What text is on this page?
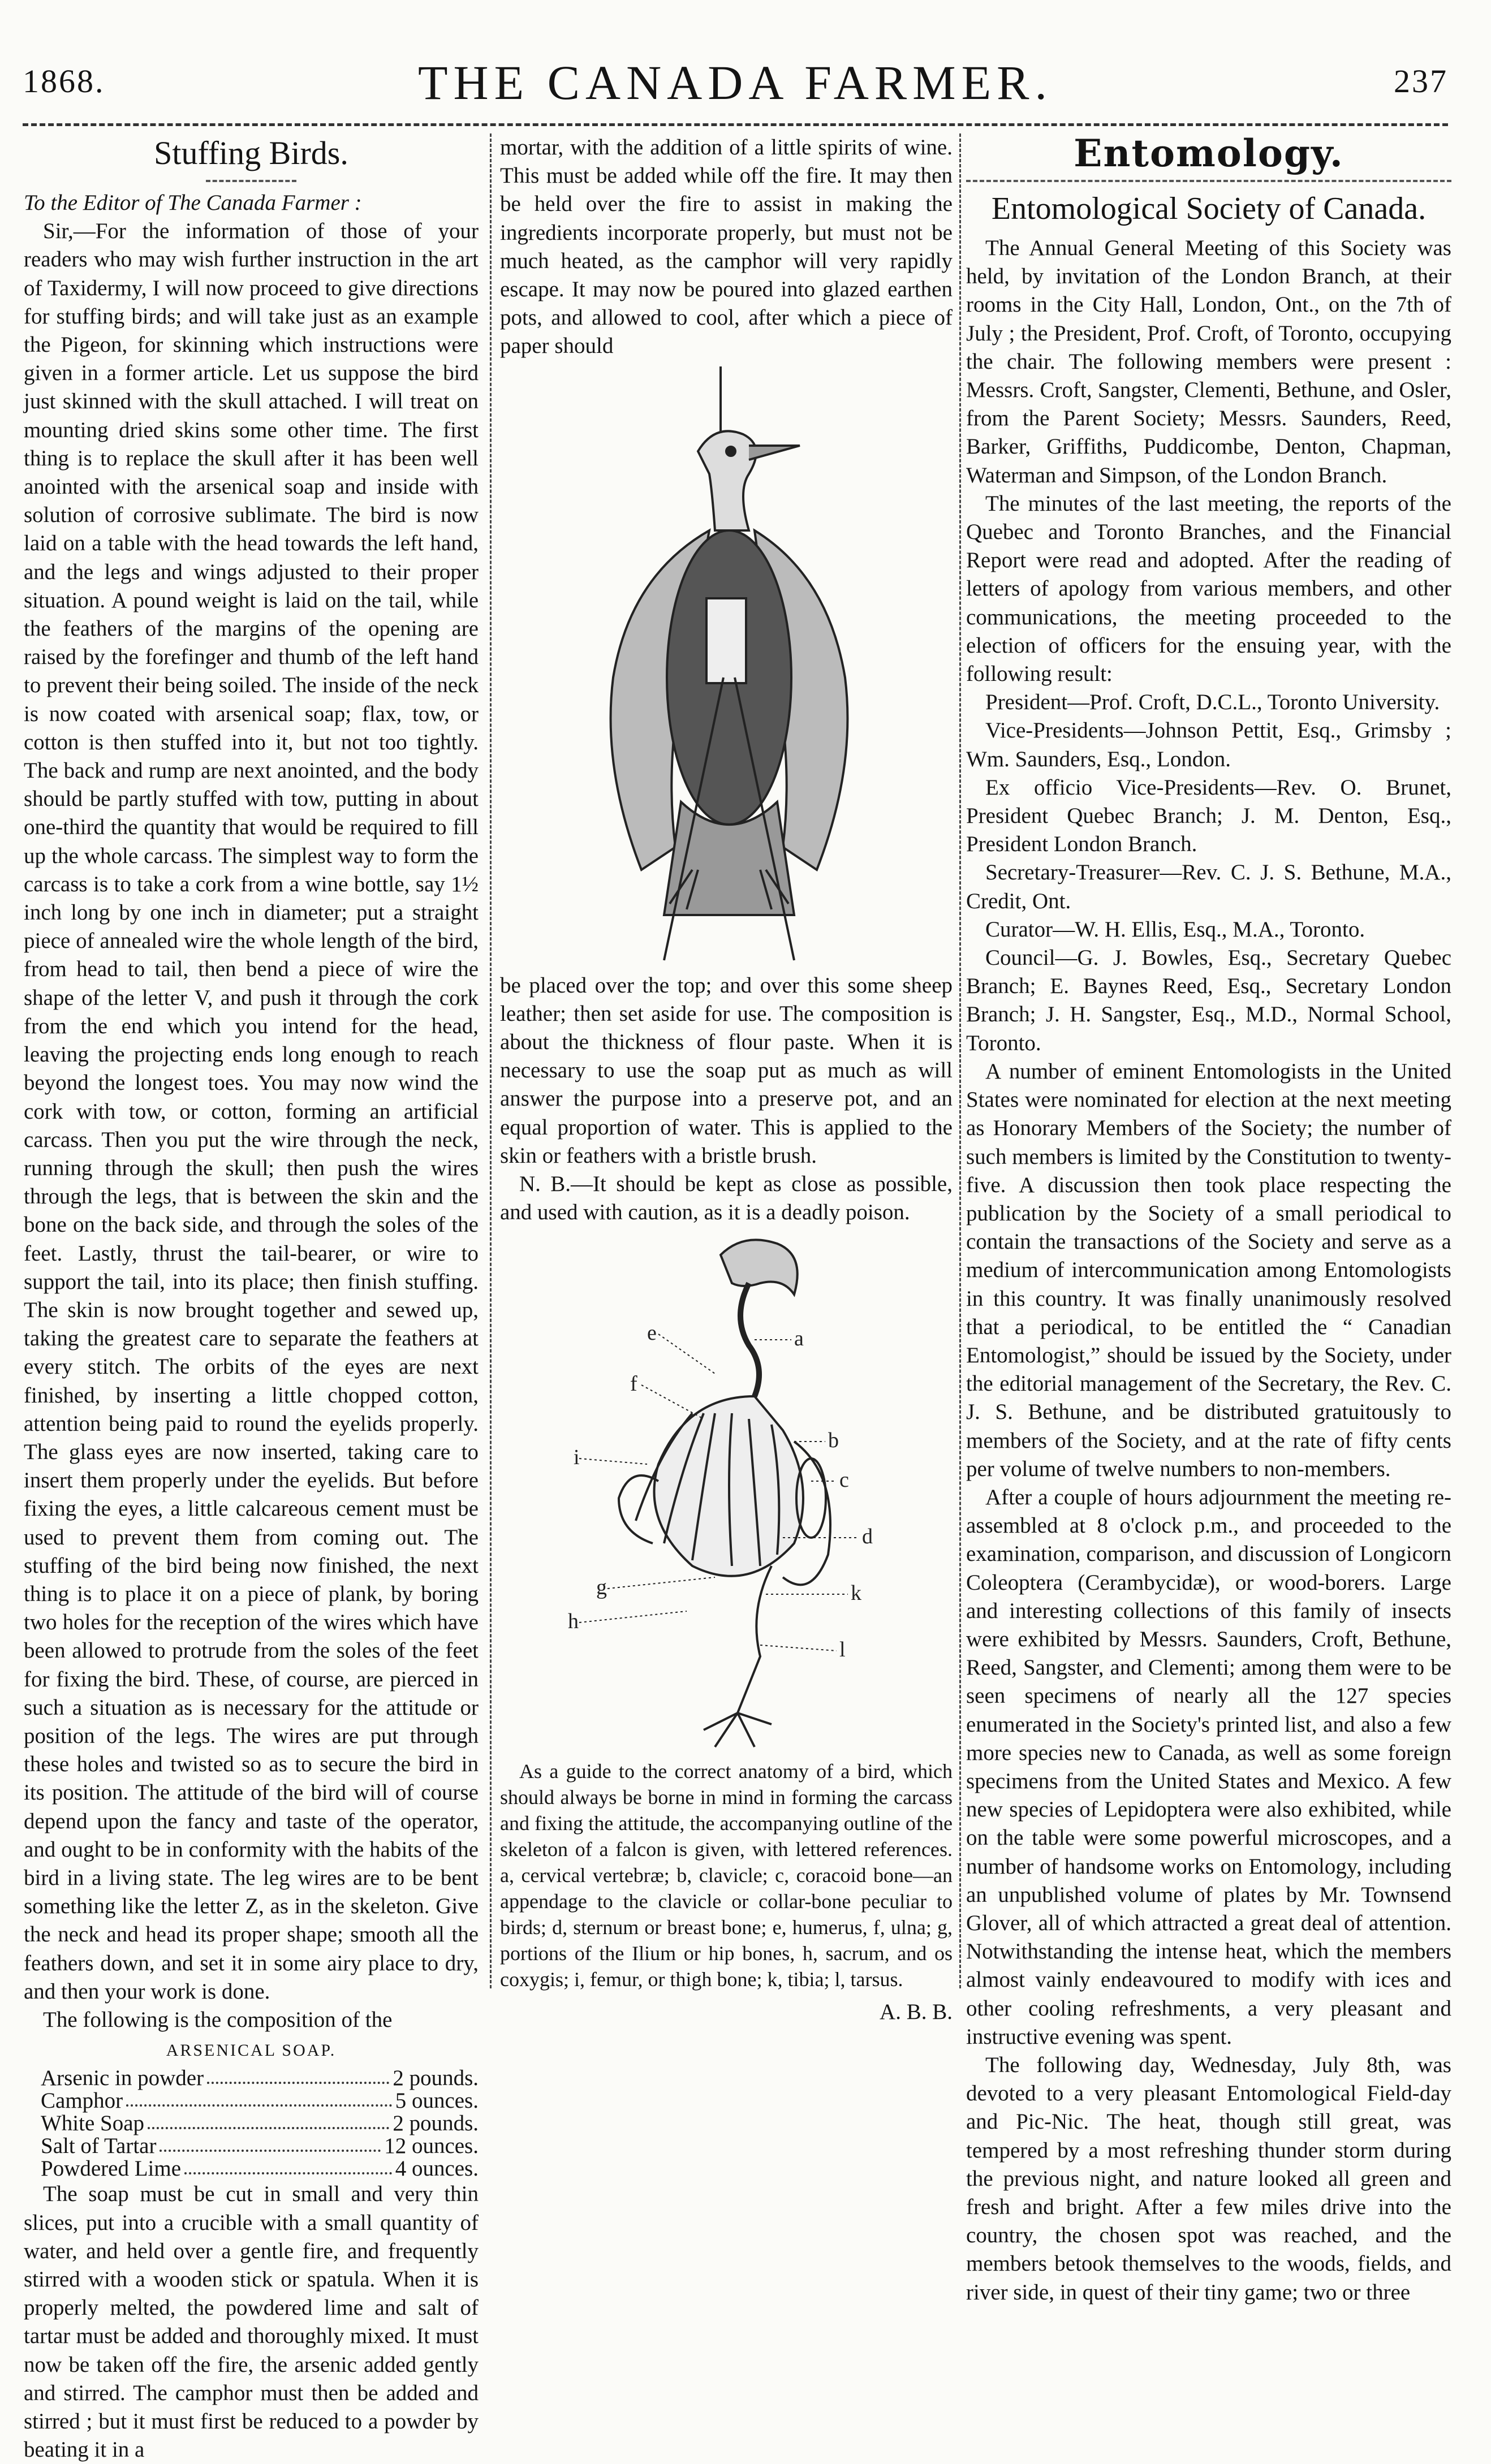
1868.	THE CANADA FARMER.	237
Stuffing Birds.

To the Editor of The Canada Farmer :

Sir,—For the information of those of your readers who may wish further instruction in the art of Taxidermy, I will now proceed to give directions for stuffing birds; and will take just as an example the Pigeon, for skinning which instructions were given in a former article. Let us suppose the bird just skinned with the skull attached. I will treat on mounting dried skins some other time. The first thing is to replace the skull after it has been well anointed with the arsenical soap and inside with solution of corrosive sublimate. The bird is now laid on a table with the head towards the left hand, and the legs and wings adjusted to their proper situation. A pound weight is laid on the tail, while the feathers of the margins of the opening are raised by the forefinger and thumb of the left hand to prevent their being soiled. The inside of the neck is now coated with arsenical soap; flax, tow, or cotton is then stuffed into it, but not too tightly. The back and rump are next anointed, and the body should be partly stuffed with tow, putting in about one-third the quantity that would be required to fill up the whole carcass. The simplest way to form the carcass is to take a cork from a wine bottle, say 1½ inch long by one inch in diameter; put a straight piece of annealed wire the whole length of the bird, from head to tail, then bend a piece of wire the shape of the letter V, and push it through the cork from the end which you intend for the head, leaving the projecting ends long enough to reach beyond the longest toes. You may now wind the cork with tow, or cotton, forming an artificial carcass. Then you put the wire through the neck, running through the skull; then push the wires through the legs, that is between the skin and the bone on the back side, and through the soles of the feet. Lastly, thrust the tail-bearer, or wire to support the tail, into its place; then finish stuffing. The skin is now brought together and sewed up, taking the greatest care to separate the feathers at every stitch. The orbits of the eyes are next finished, by inserting a little chopped cotton, attention being paid to round the eyelids properly. The glass eyes are now inserted, taking care to insert them properly under the eyelids. But before fixing the eyes, a little calcareous cement must be used to prevent them from coming out. The stuffing of the bird being now finished, the next thing is to place it on a piece of plank, by boring two holes for the reception of the wires which have been allowed to protrude from the soles of the feet for fixing the bird. These, of course, are pierced in such a situation as is necessary for the attitude or position of the legs. The wires are put through these holes and twisted so as to secure the bird in its position. The attitude of the bird will of course depend upon the fancy and taste of the operator, and ought to be in conformity with the habits of the bird in a living state. The leg wires are to be bent something like the letter Z, as in the skeleton. Give the neck and head its proper shape; smooth all the feathers down, and set it in some airy place to dry, and then your work is done.

The following is the composition of the

ARSENICAL SOAP.
Arsenic in powder	2 pounds.
Camphor	5 ounces.
White Soap	2 pounds.
Salt of Tartar	12 ounces.
Powdered Lime	4 ounces.

The soap must be cut in small and very thin slices, put into a crucible with a small quantity of water, and held over a gentle fire, and frequently stirred with a wooden stick or spatula. When it is properly melted, the powdered lime and salt of tartar must be added and thoroughly mixed. It must now be taken off the fire, the arsenic added gently and stirred. The camphor must then be added and stirred ; but it must first be reduced to a powder by beating it in a

mortar, with the addition of a little spirits of wine. This must be added while off the fire. It may then be held over the fire to assist in making the ingredients incorporate properly, but must not be much heated, as the camphor will very rapidly escape. It may now be poured into glazed earthen pots, and allowed to cool, after which a piece of paper should

be placed over the top; and over this some sheep leather; then set aside for use. The composition is about the thickness of flour paste. When it is necessary to use the soap put as much as will answer the purpose into a preserve pot, and an equal proportion of water. This is applied to the skin or feathers with a bristle brush.

N. B.—It should be kept as close as possible, and used with caution, as it is a deadly poison.

a
b
c
d
e
f
g
h
i
k
l

As a guide to the correct anatomy of a bird, which should always be borne in mind in forming the carcass and fixing the attitude, the accompanying outline of the skeleton of a falcon is given, with lettered references. a, cervical vertebræ; b, clavicle; c, coracoid bone—an appendage to the clavicle or collar-bone peculiar to birds; d, sternum or breast bone; e, humerus, f, ulna; g, portions of the Ilium or hip bones, h, sacrum, and os coxygis; i, femur, or thigh bone; k, tibia; l, tarsus.

A. B. B.
Entomology.
Entomological Society of Canada.

The Annual General Meeting of this Society was held, by invitation of the London Branch, at their rooms in the City Hall, London, Ont., on the 7th of July ; the President, Prof. Croft, of Toronto, occupying the chair. The following members were present : Messrs. Croft, Sangster, Clementi, Bethune, and Osler, from the Parent Society; Messrs. Saunders, Reed, Barker, Griffiths, Puddicombe, Denton, Chapman, Waterman and Simpson, of the London Branch.

The minutes of the last meeting, the reports of the Quebec and Toronto Branches, and the Financial Report were read and adopted. After the reading of letters of apology from various members, and other communications, the meeting proceeded to the election of officers for the ensuing year, with the following result:

President—Prof. Croft, D.C.L., Toronto University.

Vice-Presidents—Johnson Pettit, Esq., Grimsby ; Wm. Saunders, Esq., London.

Ex officio Vice-Presidents—Rev. O. Brunet, President Quebec Branch; J. M. Denton, Esq., President London Branch.

Secretary-Treasurer—Rev. C. J. S. Bethune, M.A., Credit, Ont.

Curator—W. H. Ellis, Esq., M.A., Toronto.

Council—G. J. Bowles, Esq., Secretary Quebec Branch; E. Baynes Reed, Esq., Secretary London Branch; J. H. Sangster, Esq., M.D., Normal School, Toronto.

A number of eminent Entomologists in the United States were nominated for election at the next meeting as Honorary Members of the Society; the number of such members is limited by the Constitution to twenty-five. A discussion then took place respecting the publication by the Society of a small periodical to contain the transactions of the Society and serve as a medium of intercommunication among Entomologists in this country. It was finally unanimously resolved that a periodical, to be entitled the “ Canadian Entomologist,” should be issued by the Society, under the editorial management of the Secretary, the Rev. C. J. S. Bethune, and be distributed gratuitously to members of the Society, and at the rate of fifty cents per volume of twelve numbers to non-members.

After a couple of hours adjournment the meeting re-assembled at 8 o'clock p.m., and proceeded to the examination, comparison, and discussion of Longicorn Coleoptera (Cerambycidæ), or wood-borers. Large and interesting collections of this family of insects were exhibited by Messrs. Saunders, Croft, Bethune, Reed, Sangster, and Clementi; among them were to be seen specimens of nearly all the 127 species enumerated in the Society's printed list, and also a few more species new to Canada, as well as some foreign specimens from the United States and Mexico. A few new species of Lepidoptera were also exhibited, while on the table were some powerful microscopes, and a number of handsome works on Entomology, including an unpublished volume of plates by Mr. Townsend Glover, all of which attracted a great deal of attention. Notwithstanding the intense heat, which the members almost vainly endeavoured to modify with ices and other cooling refreshments, a very pleasant and instructive evening was spent.

The following day, Wednesday, July 8th, was devoted to a very pleasant Entomological Field-day and Pic-Nic. The heat, though still great, was tempered by a most refreshing thunder storm during the previous night, and nature looked all green and fresh and bright. After a few miles drive into the country, the chosen spot was reached, and the members betook themselves to the woods, fields, and river side, in quest of their tiny game; two or three
